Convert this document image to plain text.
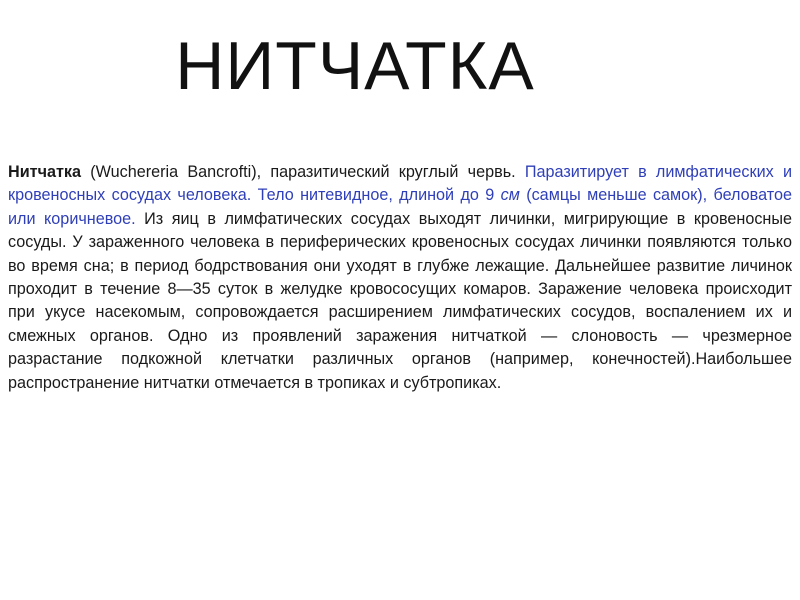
НИТЧАТКА

Нитчатка (Wuchereria Bancrofti), паразитический круглый червь. Паразитирует в лимфатических и кровеносных сосудах человека. Тело нитевидное, длиной до 9 см (самцы меньше самок), беловатое или коричневое. Из яиц в лимфатических сосудах выходят личинки, мигрирующие в кровеносные сосуды. У зараженного человека в периферических кровеносных сосудах личинки появляются только во время сна; в период бодрствования они уходят в глубже лежащие. Дальнейшее развитие личинок проходит в течение 8—35 суток в желудке кровососущих комаров. Заражение человека происходит при укусе насекомым, сопровождается расширением лимфатических сосудов, воспалением их и смежных органов. Одно из проявлений заражения нитчаткой — слоновость — чрезмерное разрастание подкожной клетчатки различных органов (например, конечностей).Наибольшее распространение нитчатки отмечается в тропиках и субтропиках.
